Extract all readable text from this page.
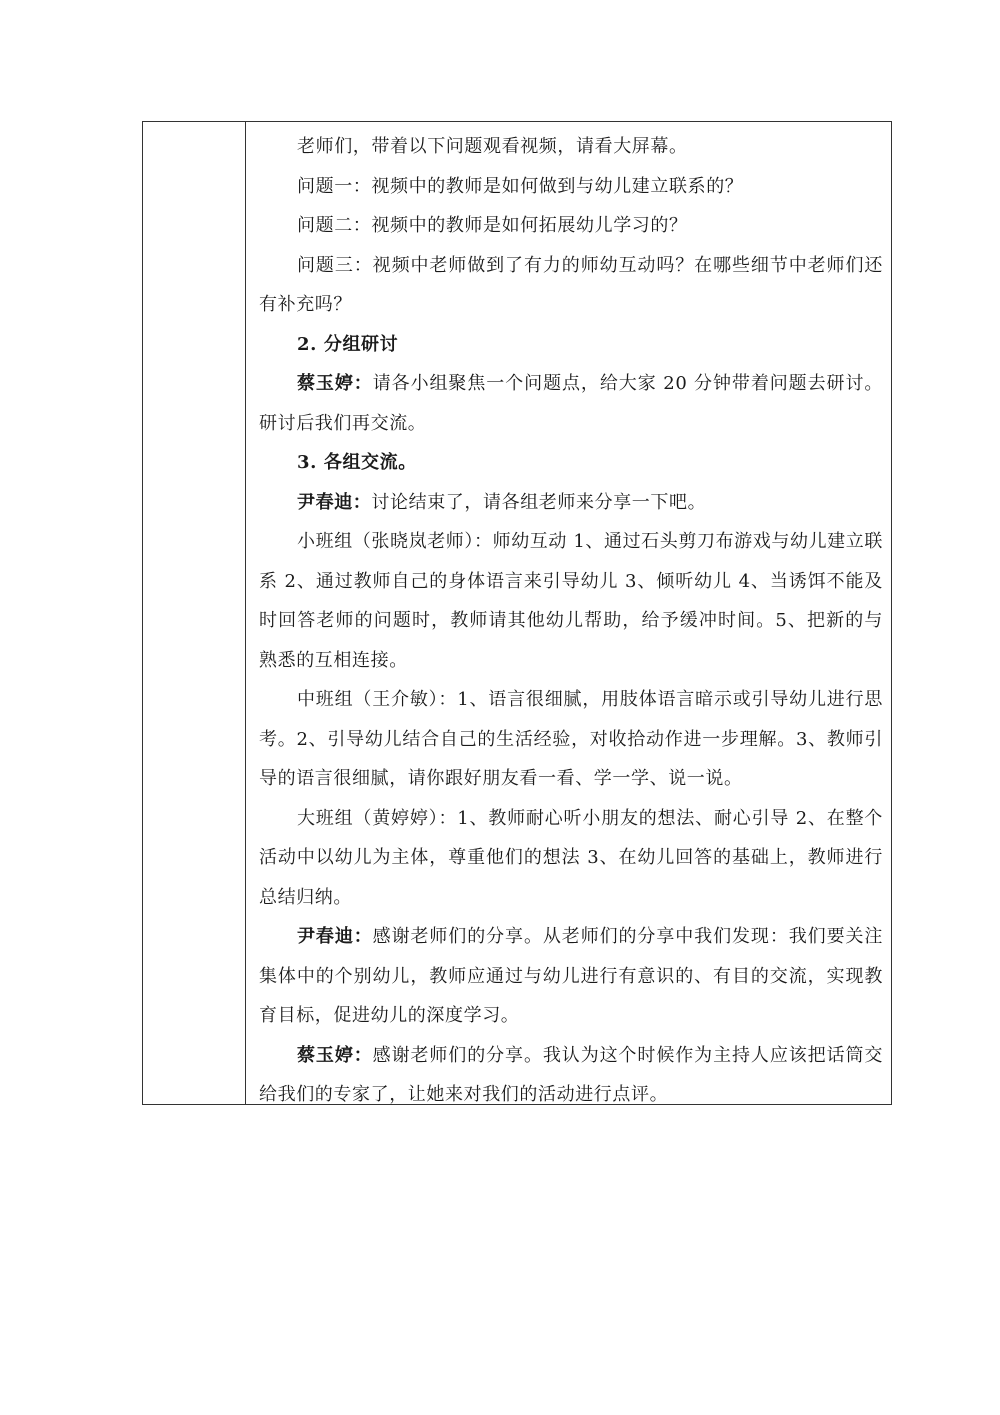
老师们，带着以下问题观看视频，请看大屏幕。

问题一：视频中的教师是如何做到与幼儿建立联系的？

问题二：视频中的教师是如何拓展幼儿学习的？

问题三：视频中老师做到了有力的师幼互动吗？在哪些细节中老师们还有补充吗？

2. 分组研讨

蔡玉婷：请各小组聚焦一个问题点，给大家 20 分钟带着问题去研讨。研讨后我们再交流。

3. 各组交流。

尹春迪：讨论结束了，请各组老师来分享一下吧。

小班组（张晓岚老师）：师幼互动 1、通过石头剪刀布游戏与幼儿建立联系 2、通过教师自己的身体语言来引导幼儿 3、倾听幼儿 4、当诱饵不能及时回答老师的问题时，教师请其他幼儿帮助，给予缓冲时间。5、把新的与熟悉的互相连接。

中班组（王介敏）：1、语言很细腻，用肢体语言暗示或引导幼儿进行思考。2、引导幼儿结合自己的生活经验，对收拾动作进一步理解。3、教师引导的语言很细腻，请你跟好朋友看一看、学一学、说一说。

大班组（黄婷婷）：1、教师耐心听小朋友的想法、耐心引导 2、在整个活动中以幼儿为主体，尊重他们的想法 3、在幼儿回答的基础上，教师进行总结归纳。

尹春迪：感谢老师们的分享。从老师们的分享中我们发现：我们要关注集体中的个别幼儿，教师应通过与幼儿进行有意识的、有目的交流，实现教育目标，促进幼儿的深度学习。

蔡玉婷：感谢老师们的分享。我认为这个时候作为主持人应该把话筒交给我们的专家了，让她来对我们的活动进行点评。
